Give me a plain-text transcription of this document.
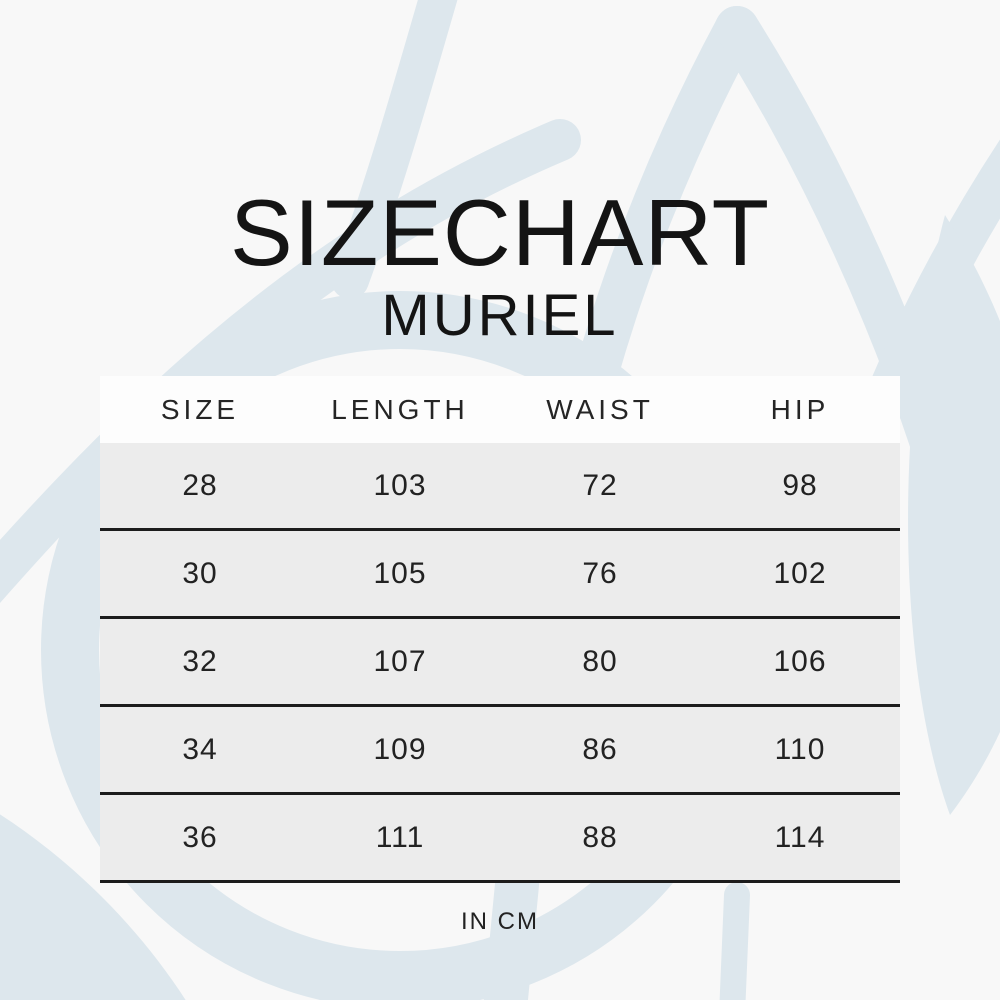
SIZECHART
MURIEL
SIZE	LENGTH	WAIST	HIP
28	103	72	98
30	105	76	102
32	107	80	106
34	109	86	110
36	111	88	114
IN CM
